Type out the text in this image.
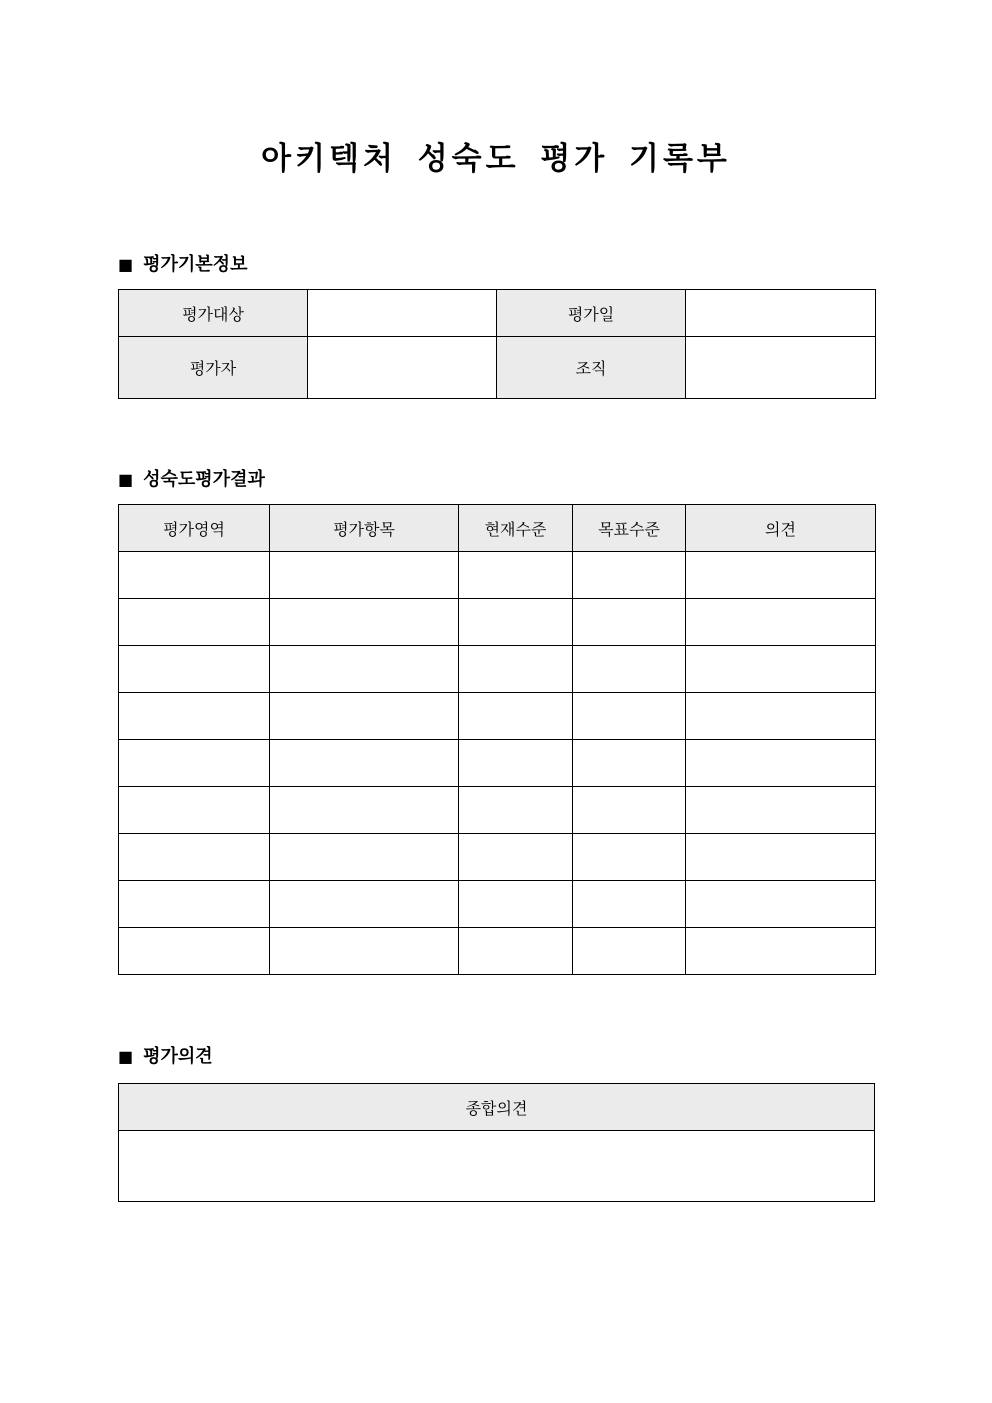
아키텍처 성숙도 평가 기록부
■ 평가기본정보
평가대상		평가일	
평가자		조직	
■ 성숙도평가결과
평가영역	평가항목	현재수준	목표수준	의견

■ 평가의견
종합의견
